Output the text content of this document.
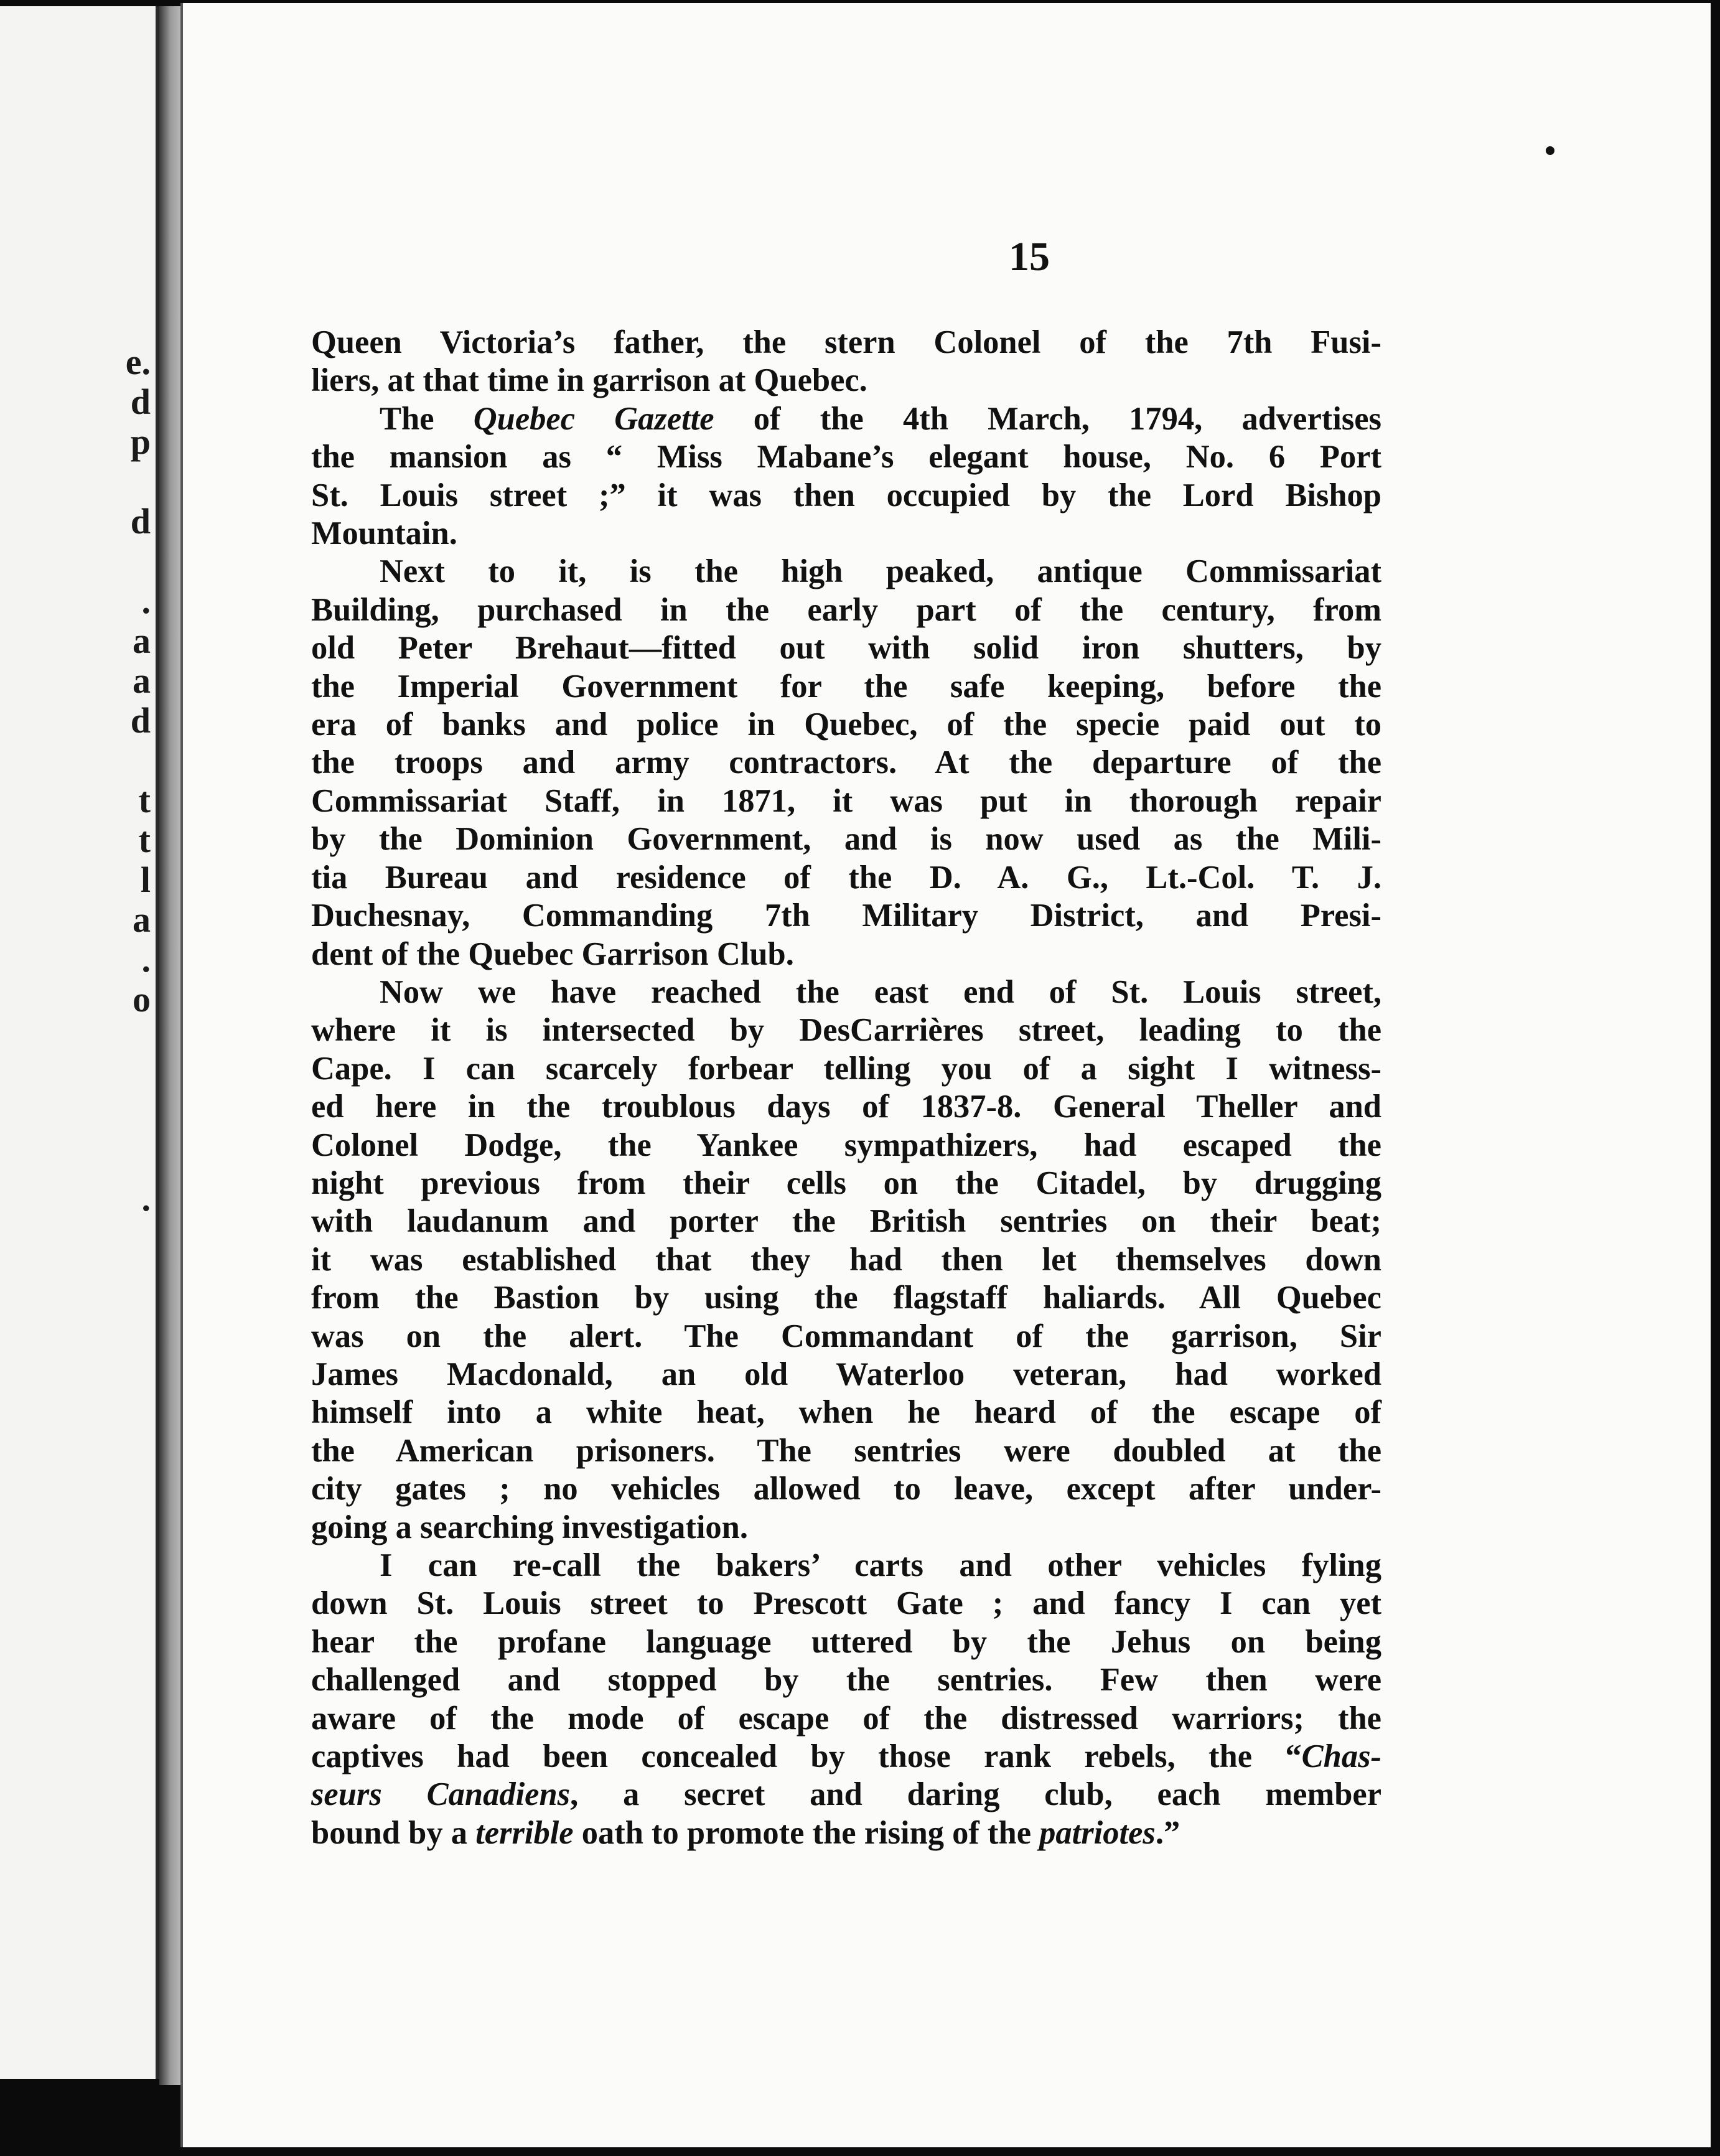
e.
d
p

d

.
a
a
d

t
t
l
a
.
o

.

15
Queen Victoria’s father, the stern Colonel of the 7th Fusi-
liers, at that time in garrison at Quebec.
The Quebec Gazette of the 4th March, 1794, advertises
the mansion as “ Miss Mabane’s elegant house, No. 6 Port
St. Louis street ;” it was then occupied by the Lord Bishop
Mountain.
Next to it, is the high peaked, antique Commissariat
Building, purchased in the early part of the century, from
old Peter Brehaut—fitted out with solid iron shutters, by
the Imperial Government for the safe keeping, before the
era of banks and police in Quebec, of the specie paid out to
the troops and army contractors. At the departure of the
Commissariat Staff, in 1871, it was put in thorough repair
by the Dominion Government, and is now used as the Mili-
tia Bureau and residence of the D. A. G., Lt.-Col. T. J.
Duchesnay, Commanding 7th Military District, and Presi-
dent of the Quebec Garrison Club.
Now we have reached the east end of St. Louis street,
where it is intersected by DesCarrières street, leading to the
Cape. I can scarcely forbear telling you of a sight I witness-
ed here in the troublous days of 1837-8. General Theller and
Colonel Dodge, the Yankee sympathizers, had escaped the
night previous from their cells on the Citadel, by drugging
with laudanum and porter the British sentries on their beat;
it was established that they had then let themselves down
from the Bastion by using the flagstaff haliards. All Quebec
was on the alert. The Commandant of the garrison, Sir
James Macdonald, an old Waterloo veteran, had worked
himself into a white heat, when he heard of the escape of
the American prisoners. The sentries were doubled at the
city gates ; no vehicles allowed to leave, except after under-
going a searching investigation.
I can re-call the bakers’ carts and other vehicles fyling
down St. Louis street to Prescott Gate ; and fancy I can yet
hear the profane language uttered by the Jehus on being
challenged and stopped by the sentries. Few then were
aware of the mode of escape of the distressed warriors; the
captives had been concealed by those rank rebels, the “Chas-
seurs Canadiens, a secret and daring club, each member
bound by a terrible oath to promote the rising of the patriotes.”
